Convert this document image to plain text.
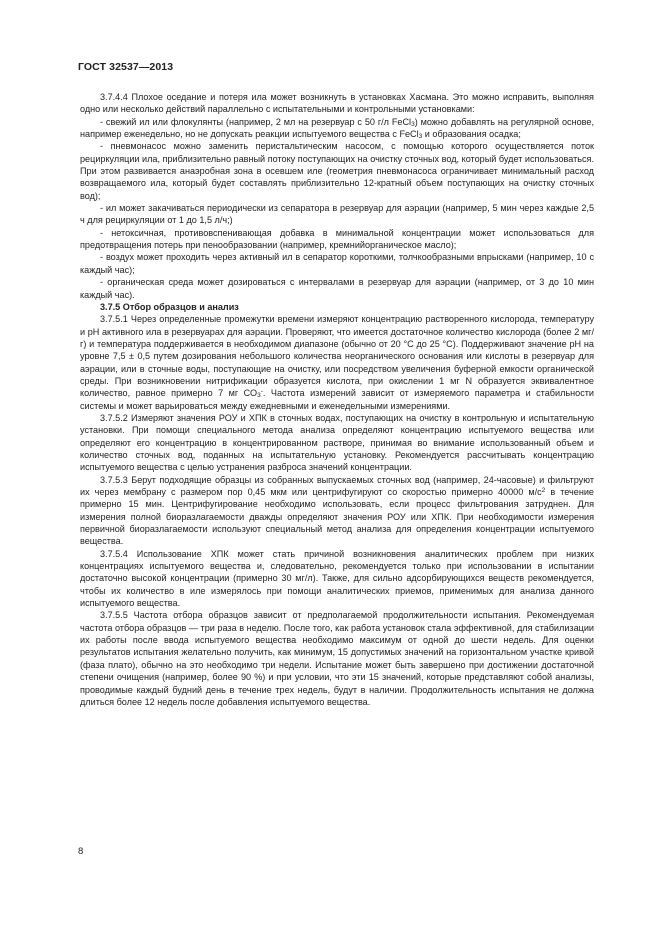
ГОСТ 32537—2013

3.7.4.4 Плохое оседание и потеря ила может возникнуть в установках Хасмана. Это можно исправить, выполняя одно или несколько действий параллельно с испытательными и контрольными установками:

- свежий ил или флокулянты (например, 2 мл на резервуар с 50 г/л FeCl$_3$) можно добавлять на регулярной основе, например еженедельно, но не допускать реакции испытуемого вещества с FeCl$_3$ и образования осадка;

- пневмонасос можно заменить перистальтическим насосом, с помощью которого осуществляется поток рециркуляции ила, приблизительно равный потоку поступающих на очистку сточных вод, который будет использоваться. При этом развивается анаэробная зона в осевшем иле (геометрия пневмонасоса ограничивает минимальный расход возвращаемого ила, который будет составлять приблизительно 12-кратный объем поступающих на очистку сточных вод);

- ил может закачиваться периодически из сепаратора в резервуар для аэрации (например, 5 мин через каждые 2,5 ч для рециркуляции от 1 до 1,5 л/ч;)

- нетоксичная, противовспенивающая добавка в минимальной концентрации может использоваться для предотвращения потерь при пенообразовании (например, кремнийорганическое масло);

- воздух может проходить через активный ил в сепаратор короткими, толчкообразными впрысками (например, 10 с каждый час);

- органическая среда может дозироваться с интервалами в резервуар для аэрации (например, от 3 до 10 мин каждый час).

3.7.5 Отбор образцов и анализ

3.7.5.1 Через определенные промежутки времени измеряют концентрацию растворенного кислорода, температуру и рН активного ила в резервуарах для аэрации. Проверяют, что имеется достаточное количество кислорода (более 2 мг/г) и температура поддерживается в необходимом диапазоне (обычно от 20 °С до 25 °С). Поддерживают значение рН на уровне 7,5 ± 0,5 путем дозирования небольшого количества неорганического основания или кислоты в резервуар для аэрации, или в сточные воды, поступающие на очистку, или посредством увеличения буферной емкости органической среды. При возникновении нитрификации образуется кислота, при окислении 1 мг N образуется эквивалентное количество, равное примерно 7 мг $СО_3^-$. Частота измерений зависит от измеряемого параметра и стабильности системы и может варьироваться между ежедневными и еженедельными измерениями.

3.7.5.2 Измеряют значения РОУ и ХПК в сточных водах, поступающих на очистку в контрольную и испытательную установки. При помощи специального метода анализа определяют концентрацию испытуемого вещества или определяют его концентрацию в концентрированном растворе, принимая во внимание использованный объем и количество сточных вод, поданных на испытательную установку. Рекомендуется рассчитывать концентрацию испытуемого вещества с целью устранения разброса значений концентрации.

3.7.5.3 Берут подходящие образцы из собранных выпускаемых сточных вод (например, 24-часовые) и фильтруют их через мембрану с размером пор 0,45 мкм или центрифугируют со скоростью примерно 40000 $м/с^2$ в течение примерно 15 мин. Центрифугирование необходимо использовать, если процесс фильтрования затруднен. Для измерения полной биоразлагаемости дважды определяют значения РОУ или ХПК. При необходимости измерения первичной биоразлагаемости используют специальный метод анализа для определения концентрации испытуемого вещества.

3.7.5.4 Использование ХПК может стать причиной возникновения аналитических проблем при низких концентрациях испытуемого вещества и, следовательно, рекомендуется только при использовании в испытании достаточно высокой концентрации (примерно 30 мг/л). Также, для сильно адсорбирующихся веществ рекомендуется, чтобы их количество в иле измерялось при помощи аналитических приемов, применимых для анализа данного испытуемого вещества.

3.7.5.5 Частота отбора образцов зависит от предполагаемой продолжительности испытания. Рекомендуемая частота отбора образцов — три раза в неделю. После того, как работа установок стала эффективной, для стабилизации их работы после ввода испытуемого вещества необходимо максимум от одной до шести недель. Для оценки результатов испытания желательно получить, как минимум, 15 допустимых значений на горизонтальном участке кривой (фаза плато), обычно на это необходимо три недели. Испытание может быть завершено при достижении достаточной степени очищения (например, более 90 %) и при условии, что эти 15 значений, которые представляют собой анализы, проводимые каждый будний день в течение трех недель, будут в наличии. Продолжительность испытания не должна длиться более 12 недель после добавления испытуемого вещества.

8
